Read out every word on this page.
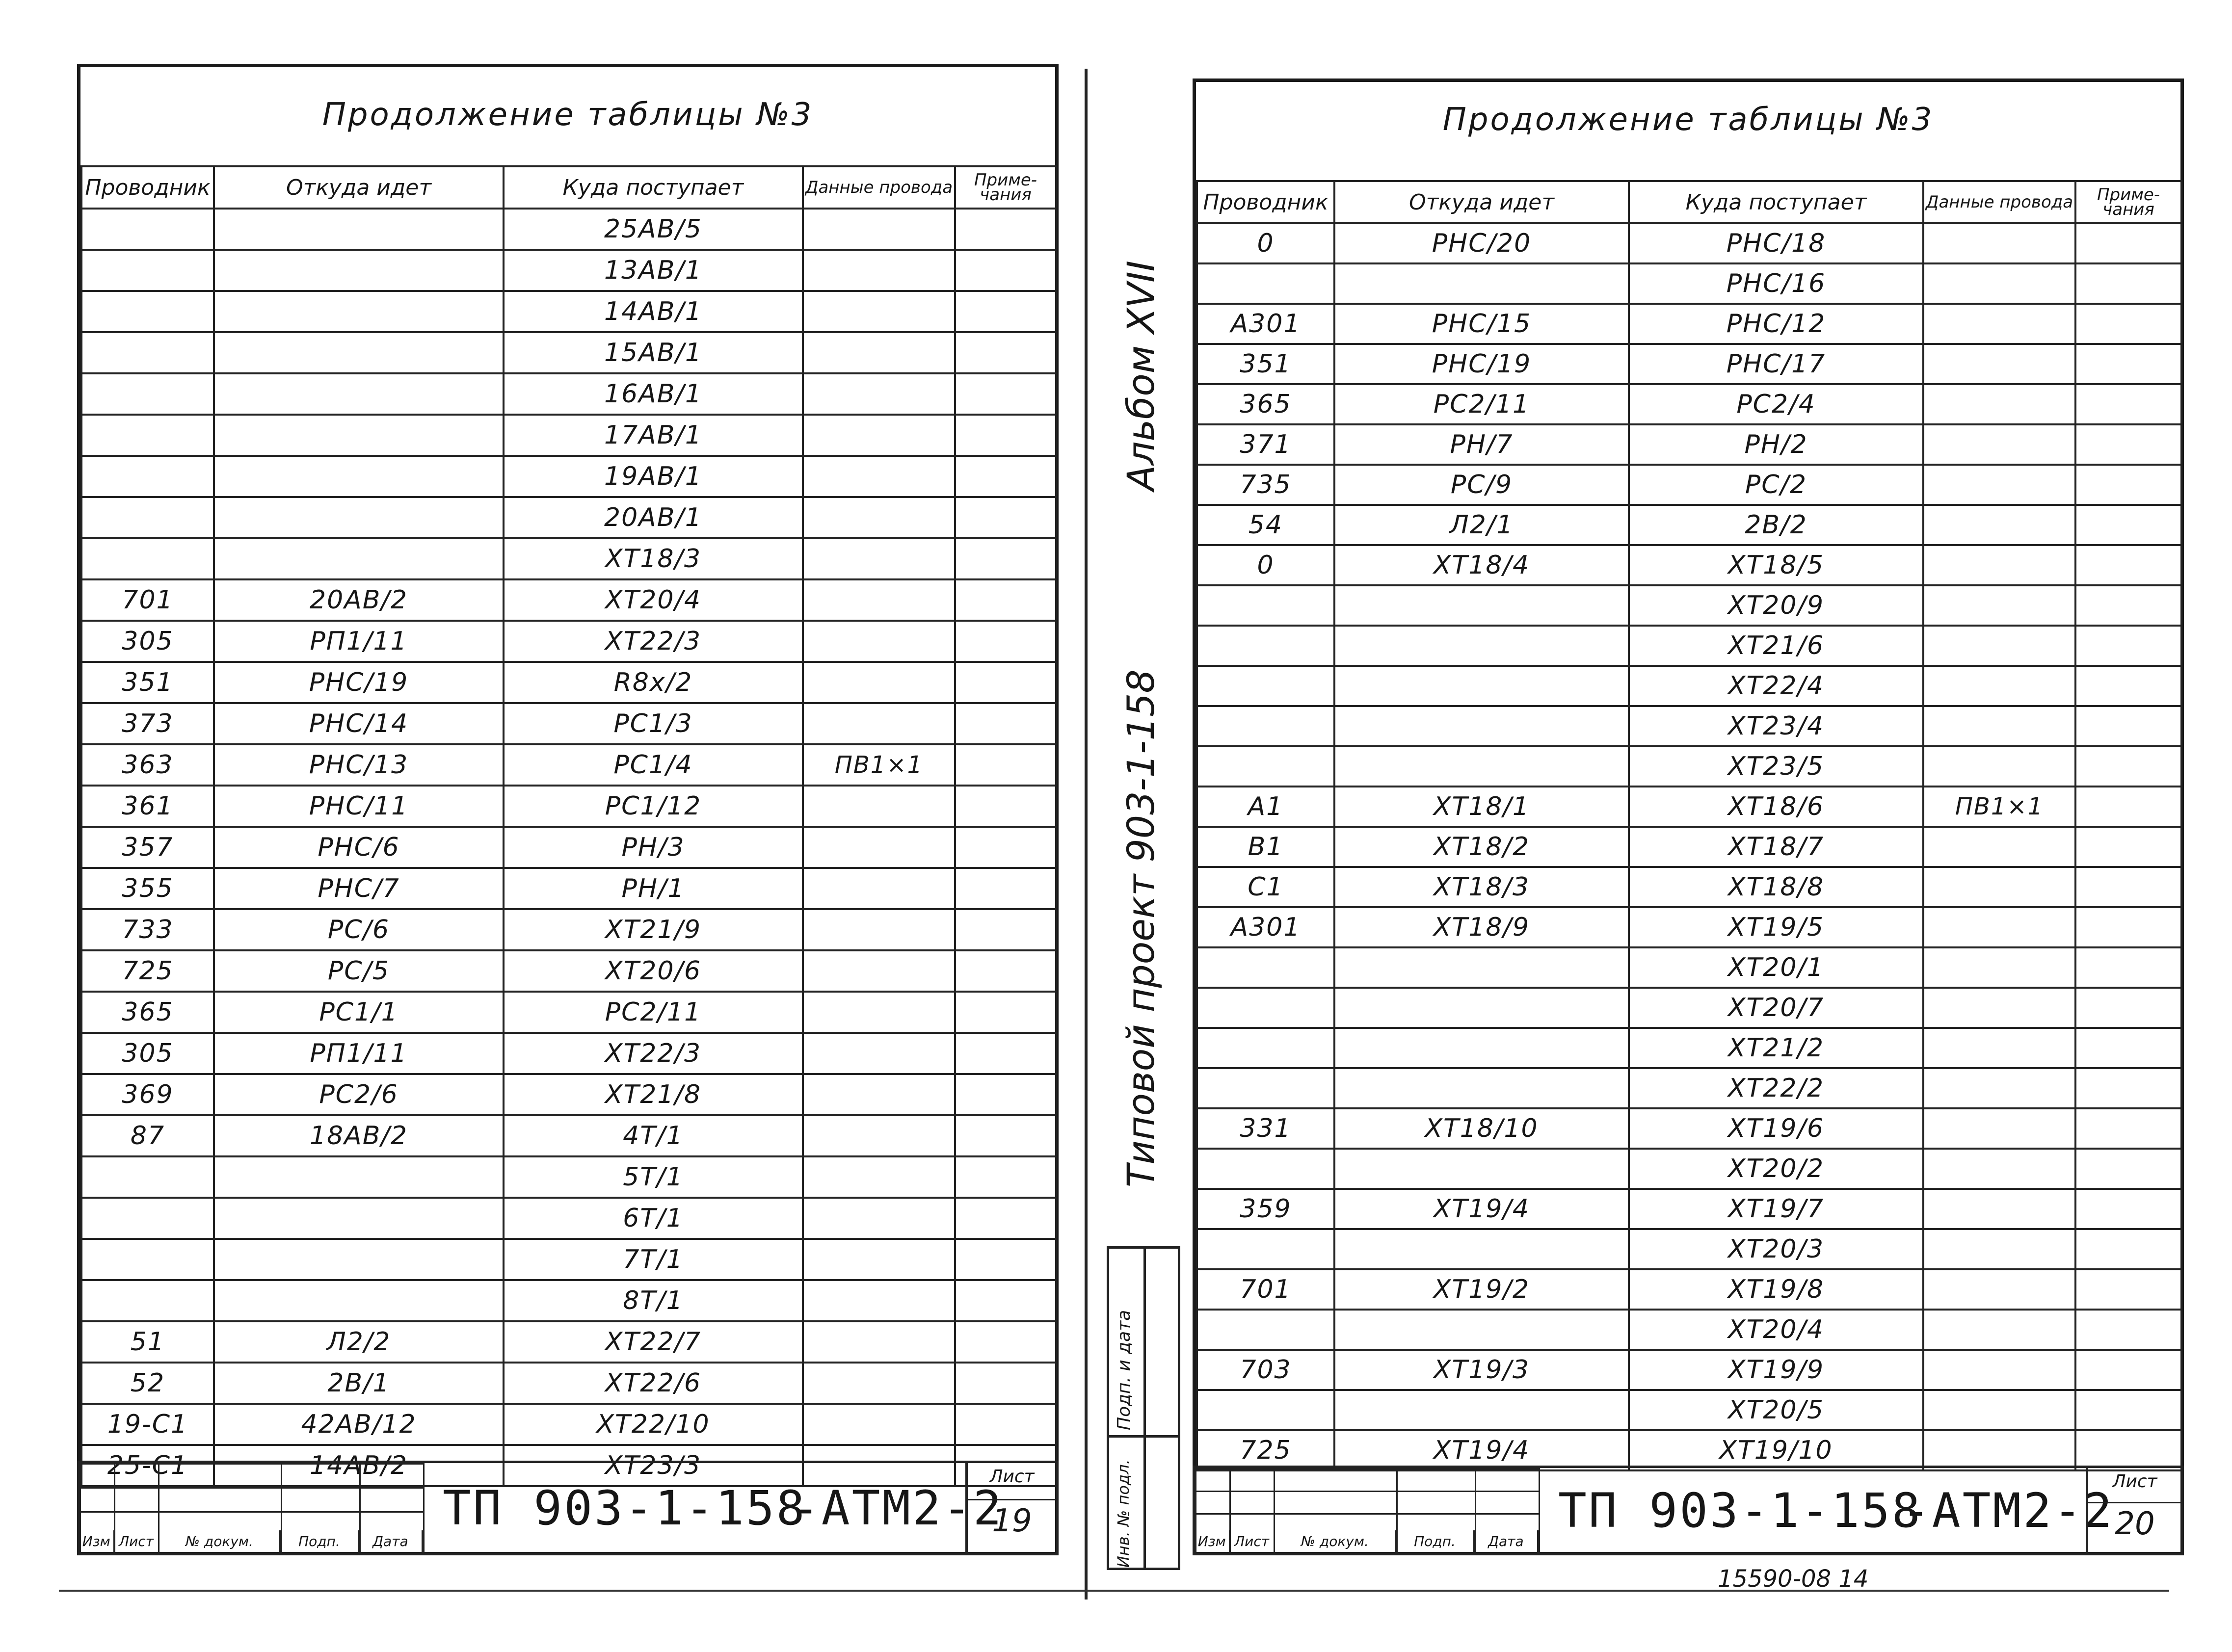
Продолжение таблицы №3
Проводник	Откуда идет	Куда поступает	Данные провода	Приме- чания
		25АВ/5		
		13АВ/1		
		14АВ/1		
		15АВ/1		
		16АВ/1		
		17АВ/1		
		19АВ/1		
		20АВ/1		
		ХТ18/3		
701	20АВ/2	ХТ20/4		
305	РП1/11	ХТ22/3		
351	РНС/19	R8х/2		
373	РНС/14	РС1/3		
363	РНС/13	РС1/4	ПВ1×1	
361	РНС/11	РС1/12		
357	РНС/6	РН/3		
355	РНС/7	РН/1		
733	РС/6	ХТ21/9		
725	РС/5	ХТ20/6		
365	РС1/1	РС2/11		
305	РП1/11	ХТ22/3		
369	РС2/6	ХТ21/8		
87	18АВ/2	4Т/1		
		5Т/1		
		6Т/1		
		7Т/1		
		8Т/1		
51	Л2/2	ХТ22/7		
52	2В/1	ХТ22/6		
19-С1	42АВ/12	ХТ22/10		
25-С1	14АВ/2	ХТ23/3		

Изм Лист	№ докум.	Подп.	Дата
ТП 903-1-158
-АТМ2-2
Лист
19
Альбом XVII
Типовой проект 903-1-158
Подп. и дата
Инв. № подл.
Продолжение таблицы №3
Проводник	Откуда идет	Куда поступает	Данные провода	Приме- чания
0	РНС/20	РНС/18		
		РНС/16		
А301	РНС/15	РНС/12		
351	РНС/19	РНС/17		
365	РС2/11	РС2/4		
371	РН/7	РН/2		
735	РС/9	РС/2		
54	Л2/1	2В/2		
0	ХТ18/4	ХТ18/5		
		ХТ20/9		
		ХТ21/6		
		ХТ22/4		
		ХТ23/4		
		ХТ23/5		
А1	ХТ18/1	ХТ18/6	ПВ1×1	
В1	ХТ18/2	ХТ18/7		
С1	ХТ18/3	ХТ18/8		
А301	ХТ18/9	ХТ19/5		
		ХТ20/1		
		ХТ20/7		
		ХТ21/2		
		ХТ22/2		
331	ХТ18/10	ХТ19/6		
		ХТ20/2		
359	ХТ19/4	ХТ19/7		
		ХТ20/3		
701	ХТ19/2	ХТ19/8		
		ХТ20/4		
703	ХТ19/3	ХТ19/9		
		ХТ20/5		
725	ХТ19/4	ХТ19/10		

Изм Лист	№ докум.	Подп.	Дата
ТП 903-1-158
-АТМ2-2
Лист
20
15590-08 14
